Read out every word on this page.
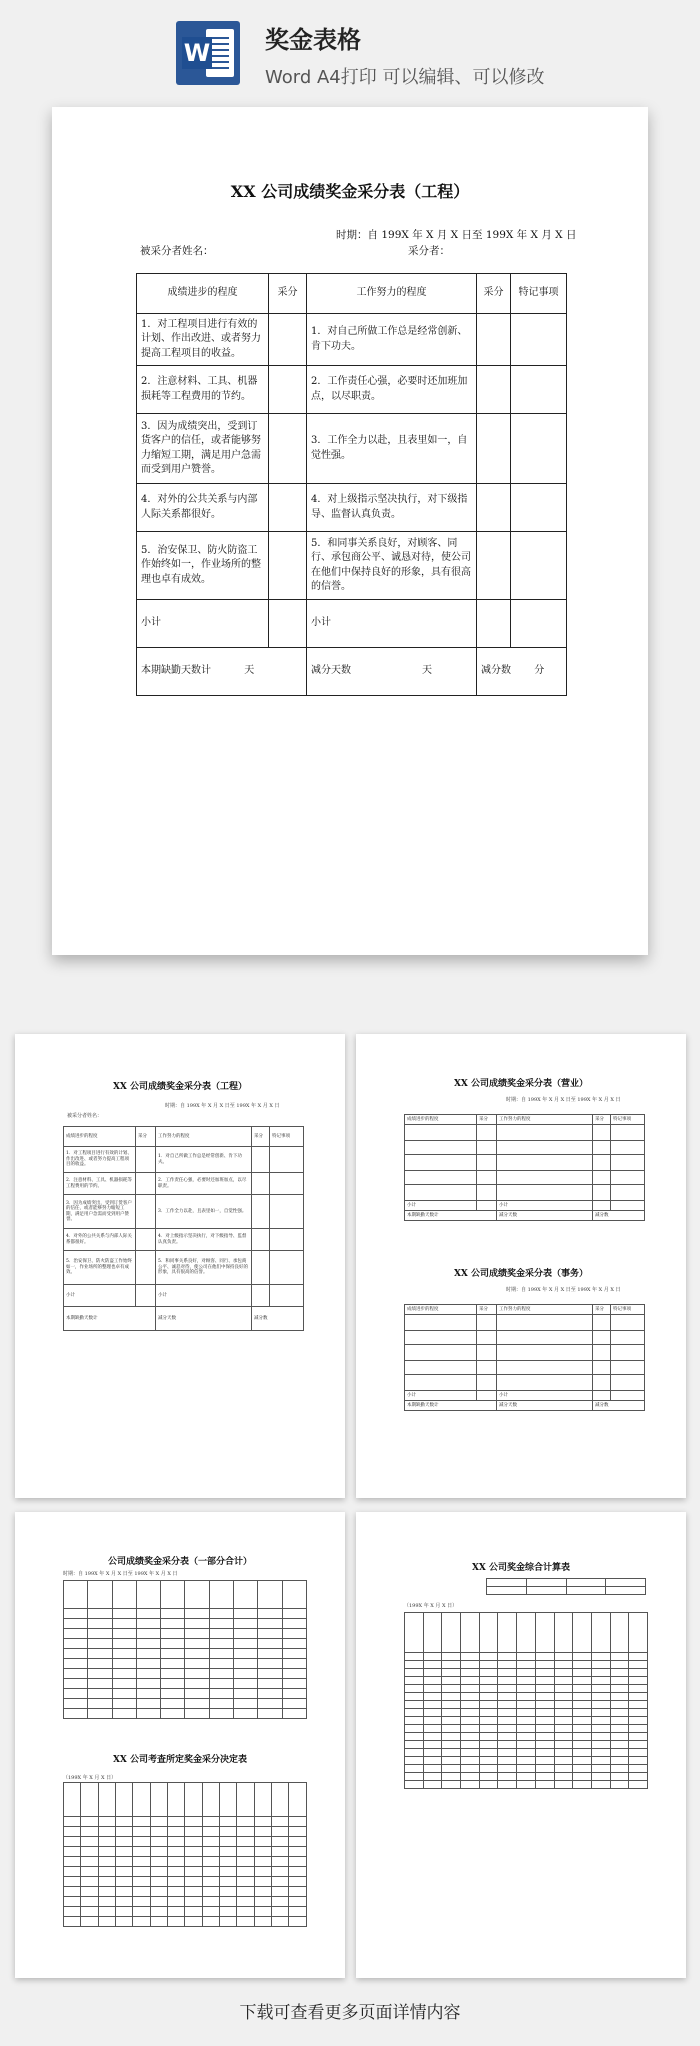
W 奖金表格
Word A4打印 可以编辑、可以修改
XX 公司成绩奖金采分表（工程）
时期：自 199X 年 X 月 X 日至 199X 年 X 月 X 日
被采分者姓名：	采分者：
成绩进步的程度	采分	工作努力的程度	采分	特记事项
1．对工程项目进行有效的计划、作出改进、或者努力提高工程项目的收益。		1．对自己所做工作总是经常创新、肯下功夫。		
2．注意材料、工具、机器损耗等工程费用的节约。		2．工作责任心强，必要时还加班加点，以尽职责。		
3．因为成绩突出，受到订货客户的信任，或者能够努力缩短工期，满足用户急需而受到用户赞誉。		3．工作全力以赴，且表里如一，自觉性强。		
4．对外的公共关系与内部人际关系都很好。		4．对上级指示坚决执行，对下级指导、监督认真负责。		
5．治安保卫、防火防盗工作始终如一，作业场所的整理也卓有成效。		5．和同事关系良好，对顾客、同行、承包商公平、诚恳对待，使公司在他们中保持良好的形象，具有很高的信誉。		
小计		小计		
本期缺勤天数计 天		减分天数 天	减分数 分	
XX 公司成绩奖金采分表（工程）
时期：自 199X 年 X 月 X 日至 199X 年 X 月 X 日
被采分者姓名：
成绩进步的程度	采分	工作努力的程度	采分	特记事项
1．对工程项目进行有效的计划、作出改进、或者努力提高工程项目的收益。		1．对自己所做工作总是经常创新、肯下功夫。		
2．注意材料、工具、机器损耗等工程费用的节约。		2．工作责任心强，必要时还加班加点，以尽职责。		
3．因为成绩突出，受到订货客户的信任，或者能够努力缩短工期，满足用户急需而受到用户赞誉。		3．工作全力以赴，且表里如一，自觉性强。		
4．对外的公共关系与内部人际关系都很好。		4．对上级指示坚决执行，对下级指导、监督认真负责。		
5．治安保卫、防火防盗工作始终如一，作业场所的整理也卓有成效。		5．和同事关系良好，对顾客、同行、承包商公平、诚恳对待，使公司在他们中保持良好的形象，具有很高的信誉。		
小计		小计		
本期缺勤天数计		减分天数	减分数	
XX 公司成绩奖金采分表（营业）
时期：自 199X 年 X 月 X 日至 199X 年 X 月 X 日
成绩进步的程度	采分	工作努力的程度	采分	特记事项

小计		小计		
本期缺勤天数计		减分天数	减分数	
XX 公司成绩奖金采分表（事务）
时期：自 199X 年 X 月 X 日至 199X 年 X 月 X 日
成绩进步的程度	采分	工作努力的程度	采分	特记事项

小计		小计		
本期缺勤天数计		减分天数	减分数	
公司成绩奖金采分表（一部分合计）
时期：自 199X 年 X 月 X 日至 199X 年 X 月 X 日

XX 公司考查所定奖金采分决定表
（199X 年 X 月 X 日）

XX 公司奖金综合计算表
（199X 年 X 月 X 日）

下载可查看更多页面详情内容
